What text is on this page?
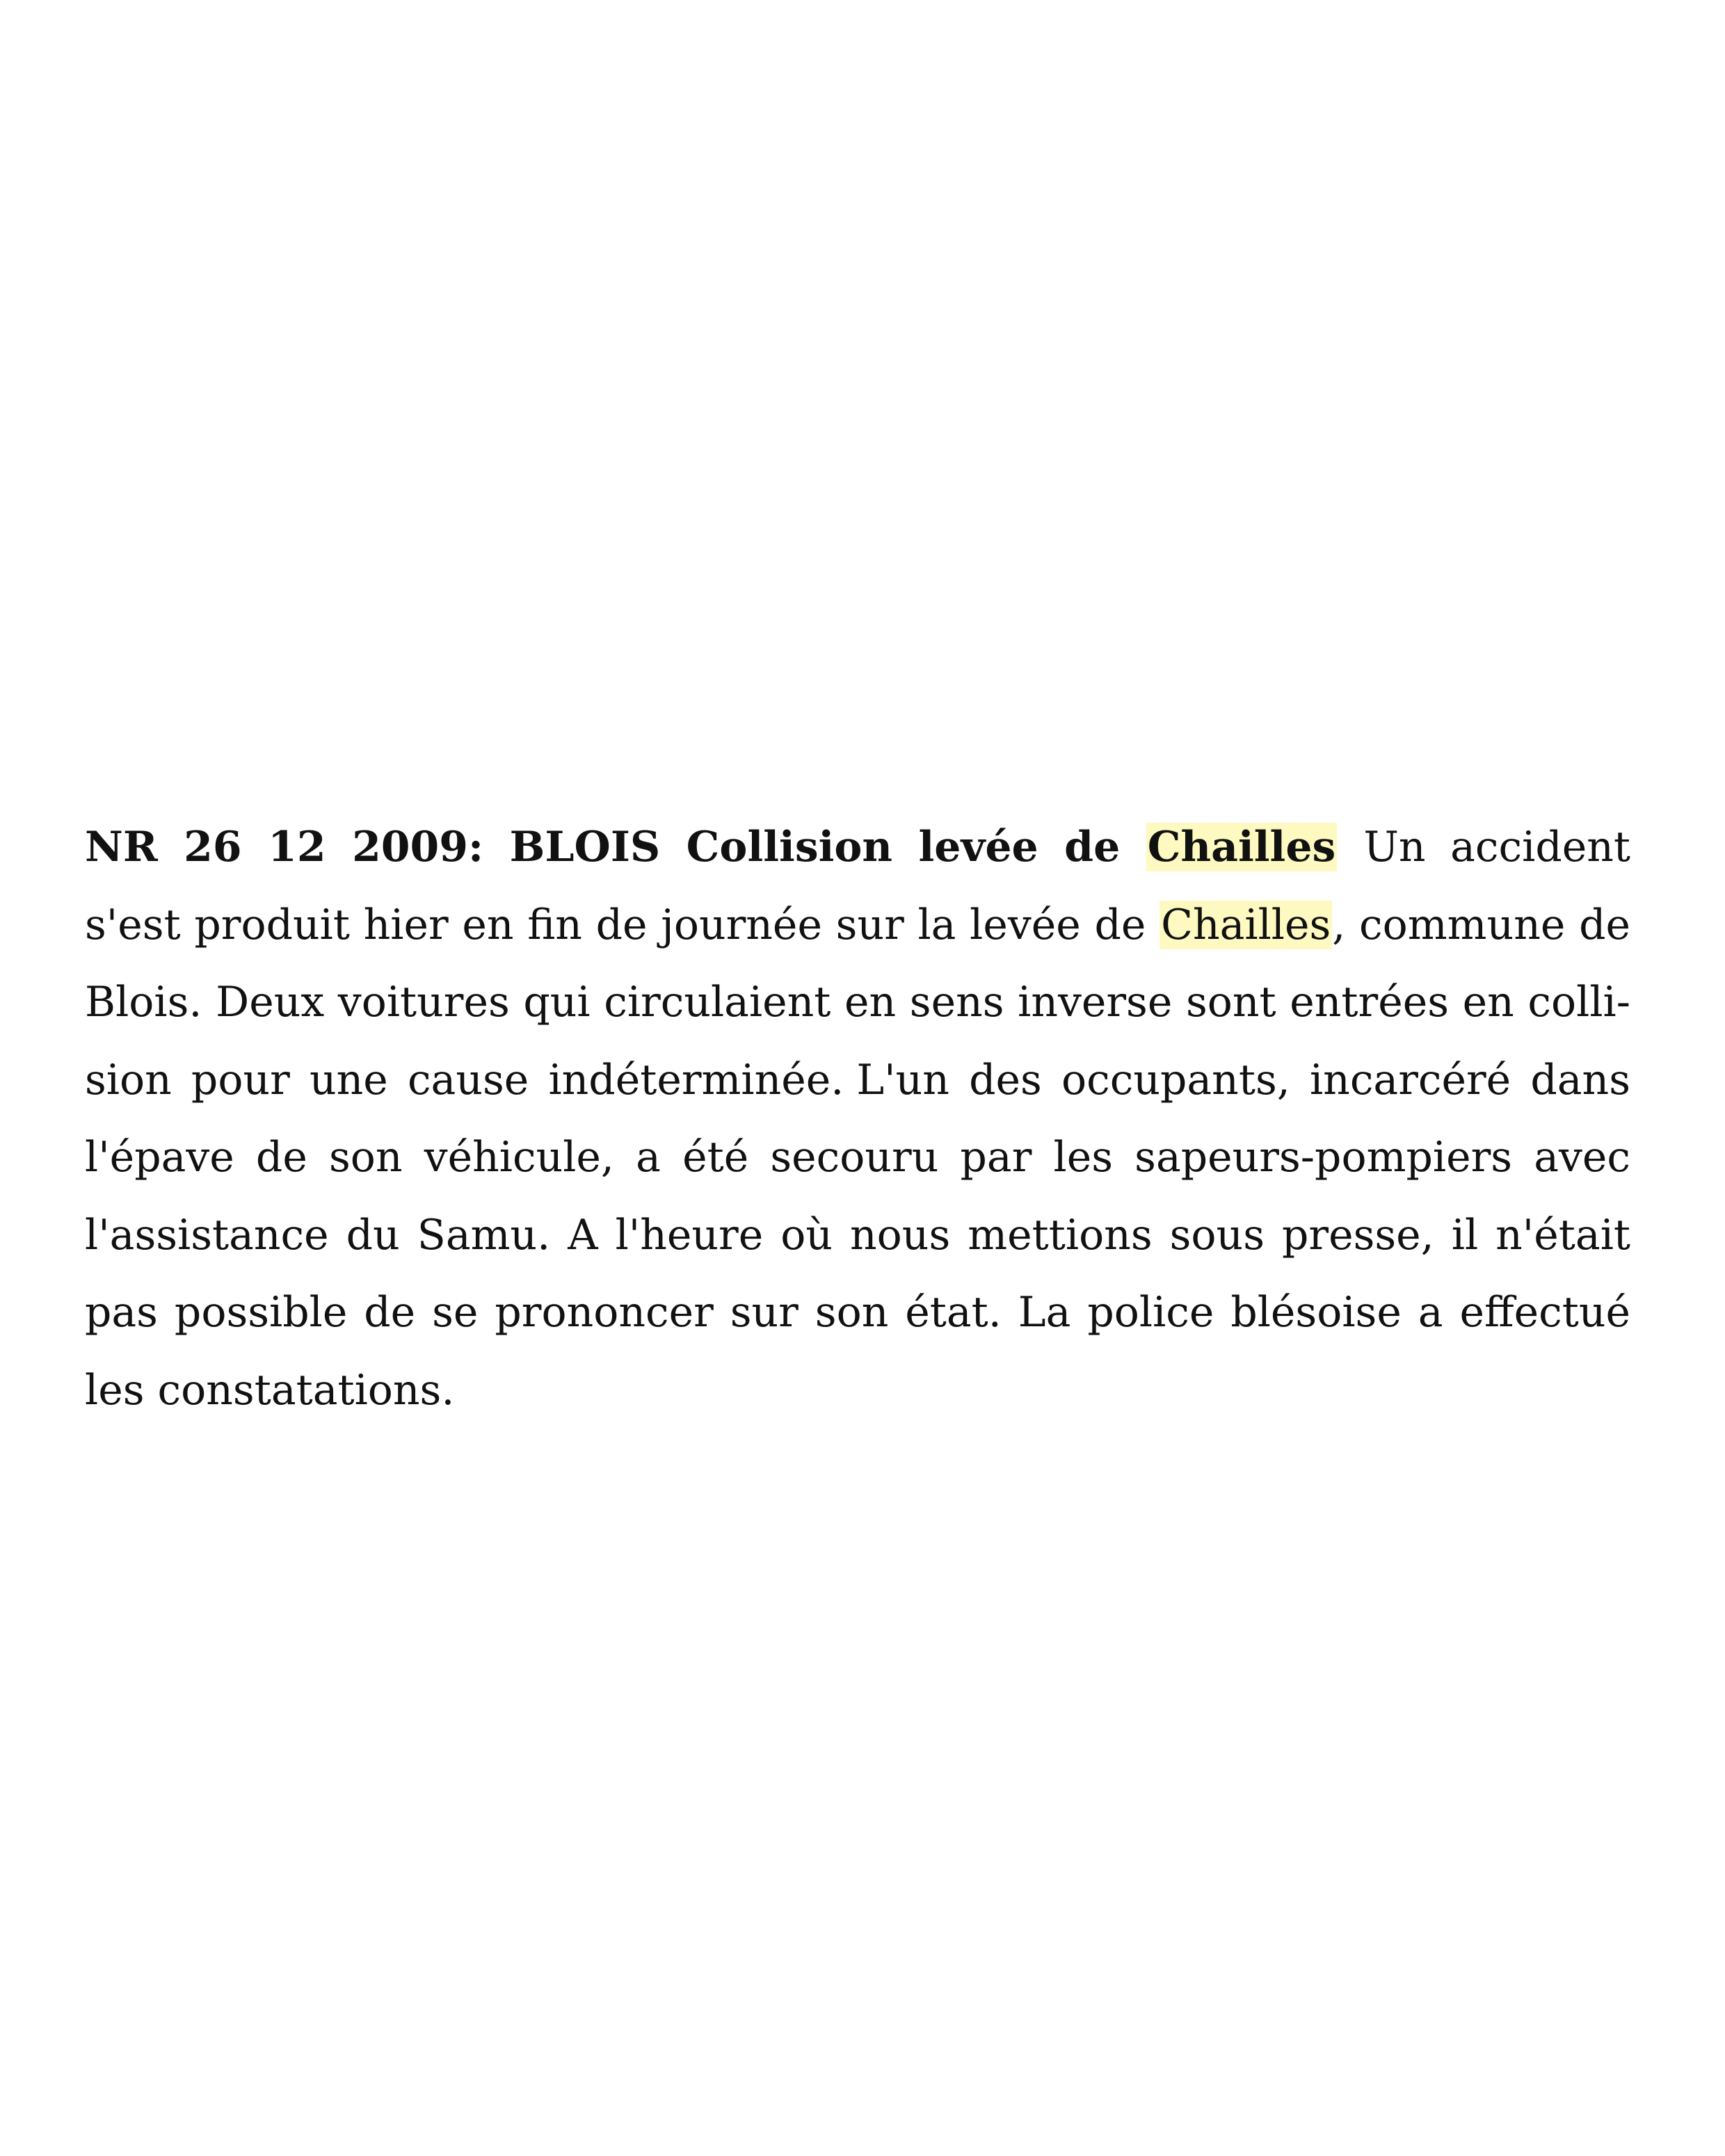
NR 26 12 2009: BLOIS Collision levée de Chailles Un accident s'est produit hier en fin de journée sur la levée de Chailles, commune de Blois. Deux voitures qui circulaient en sens inverse sont entrées en collision pour une cause indéterminée. L'un des occupants, incarcéré dans l'épave de son véhicule, a été secouru par les sapeurs-pompiers avec l'assistance du Samu. A l'heure où nous mettions sous presse, il n'était pas possible de se prononcer sur son état. La police blésoise a effectué les constatations.
